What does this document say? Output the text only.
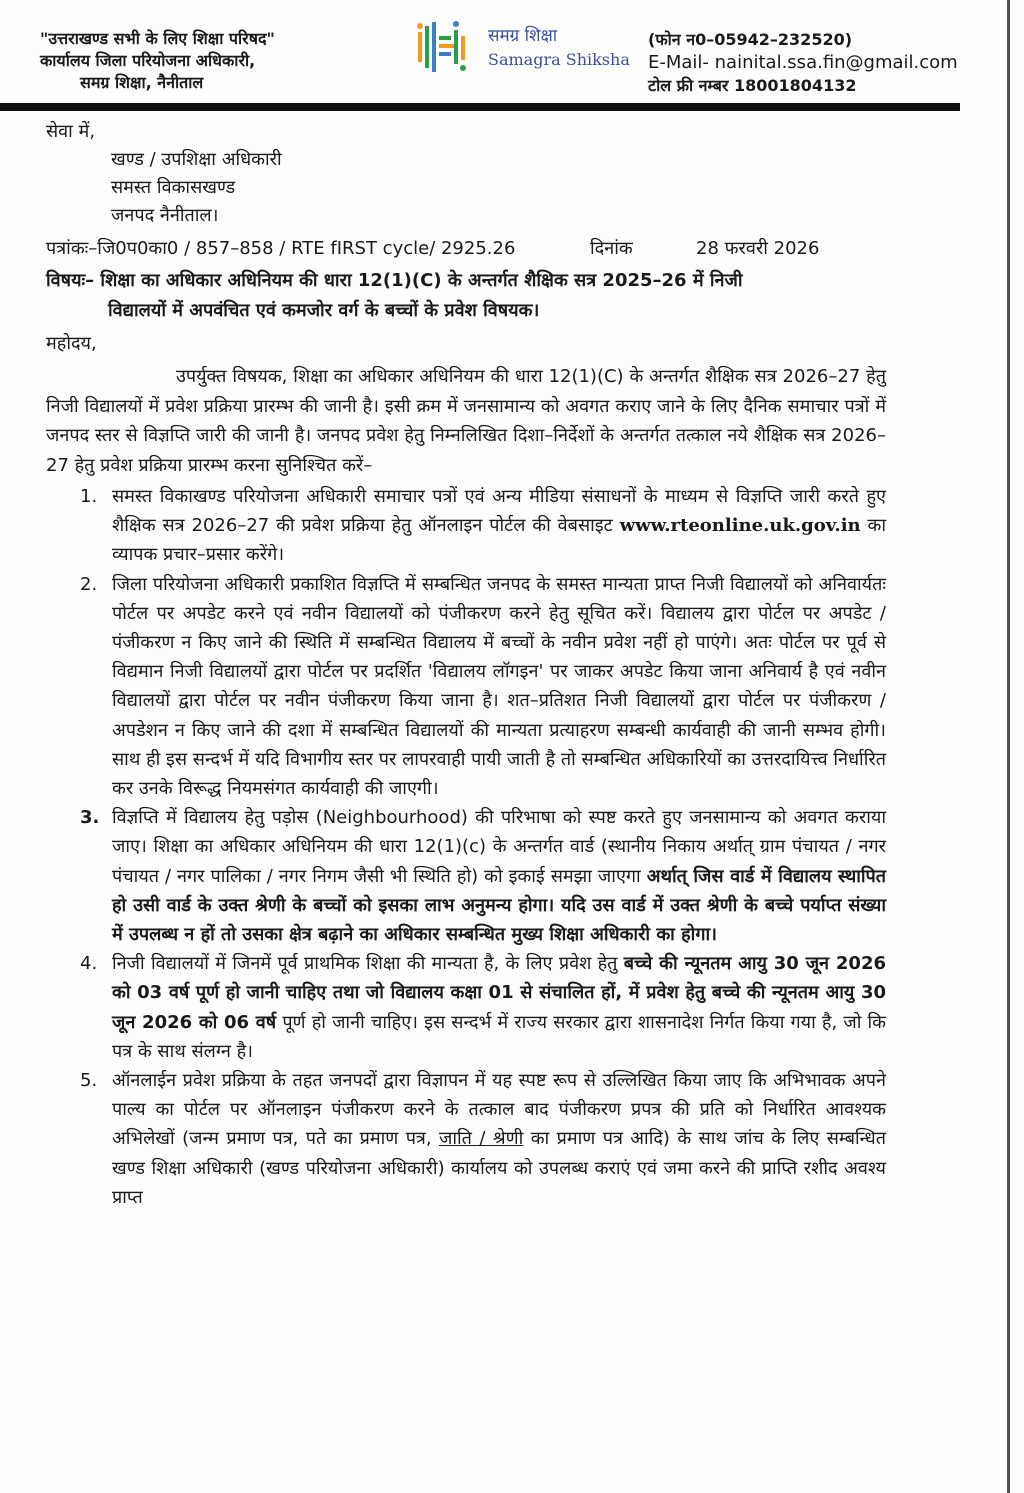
"उत्तराखण्ड सभी के लिए शिक्षा परिषद"
कार्यालय जिला परियोजना अधिकारी,
समग्र शिक्षा, नैनीताल
समग्र शिक्षा
Samagra Shiksha
(फोन न0–05942–232520)
E-Mail- nainital.ssa.fin@gmail.com
टोल फ्री नम्बर 18001804132
सेवा में,
खण्ड / उपशिक्षा अधिकारी
समस्त विकासखण्ड
जनपद नैनीताल।
पत्रांकः–जि0प0का0 / 857–858 / RTE fIRST cycle/ 2925.26	दिनांक	28 फरवरी 2026
विषयः– शिक्षा का अधिकार अधिनियम की धारा 12(1)(C) के अन्तर्गत शैक्षिक सत्र 2025–26 में निजी
विद्यालयों में अपवंचित एवं कमजोर वर्ग के बच्चों के प्रवेश विषयक।
महोदय,

उपर्युक्त विषयक, शिक्षा का अधिकार अधिनियम की धारा 12(1)(C) के अन्तर्गत शैक्षिक सत्र 2026–27 हेतु निजी विद्यालयों में प्रवेश प्रक्रिया प्रारम्भ की जानी है। इसी क्रम में जनसामान्य को अवगत कराए जाने के लिए दैनिक समाचार पत्रों में जनपद स्तर से विज्ञप्ति जारी की जानी है। जनपद प्रवेश हेतु निम्नलिखित दिशा–निर्देशों के अन्तर्गत तत्काल नये शैक्षिक सत्र 2026–27 हेतु प्रवेश प्रक्रिया प्रारम्भ करना सुनिश्चित करें–

1. समस्त विकाखण्ड परियोजना अधिकारी समाचार पत्रों एवं अन्य मीडिया संसाधनों के माध्यम से विज्ञप्ति जारी करते हुए शैक्षिक सत्र 2026–27 की प्रवेश प्रक्रिया हेतु ऑनलाइन पोर्टल की वेबसाइट www.rteonline.uk.gov.in का व्यापक प्रचार–प्रसार करेंगे।
2. जिला परियोजना अधिकारी प्रकाशित विज्ञप्ति में सम्बन्धित जनपद के समस्त मान्यता प्राप्त निजी विद्यालयों को अनिवार्यतः पोर्टल पर अपडेट करने एवं नवीन विद्यालयों को पंजीकरण करने हेतु सूचित करें। विद्यालय द्वारा पोर्टल पर अपडेट / पंजीकरण न किए जाने की स्थिति में सम्बन्धित विद्यालय में बच्चों के नवीन प्रवेश नहीं हो पाएंगे। अतः पोर्टल पर पूर्व से विद्यमान निजी विद्यालयों द्वारा पोर्टल पर प्रदर्शित 'विद्यालय लॉगइन' पर जाकर अपडेट किया जाना अनिवार्य है एवं नवीन विद्यालयों द्वारा पोर्टल पर नवीन पंजीकरण किया जाना है। शत–प्रतिशत निजी विद्यालयों द्वारा पोर्टल पर पंजीकरण / अपडेशन न किए जाने की दशा में सम्बन्धित विद्यालयों की मान्यता प्रत्याहरण सम्बन्धी कार्यवाही की जानी सम्भव होगी। साथ ही इस सन्दर्भ में यदि विभागीय स्तर पर लापरवाही पायी जाती है तो सम्बन्धित अधिकारियों का उत्तरदायित्त्व निर्धारित कर उनके विरूद्ध नियमसंगत कार्यवाही की जाएगी।
3. विज्ञप्ति में विद्यालय हेतु पड़ोस (Neighbourhood) की परिभाषा को स्पष्ट करते हुए जनसामान्य को अवगत कराया जाए। शिक्षा का अधिकार अधिनियम की धारा 12(1)(c) के अन्तर्गत वार्ड (स्थानीय निकाय अर्थात् ग्राम पंचायत / नगर पंचायत / नगर पालिका / नगर निगम जैसी भी स्थिति हो) को इकाई समझा जाएगा अर्थात् जिस वार्ड में विद्यालय स्थापित हो उसी वार्ड के उक्त श्रेणी के बच्चों को इसका लाभ अनुमन्य होगा। यदि उस वार्ड में उक्त श्रेणी के बच्चे पर्याप्त संख्या में उपलब्ध न हों तो उसका क्षेत्र बढ़ाने का अधिकार सम्बन्धित मुख्य शिक्षा अधिकारी का होगा।
4. निजी विद्यालयों में जिनमें पूर्व प्राथमिक शिक्षा की मान्यता है, के लिए प्रवेश हेतु बच्चे की न्यूनतम आयु 30 जून 2026 को 03 वर्ष पूर्ण हो जानी चाहिए तथा जो विद्यालय कक्षा 01 से संचालित हों, में प्रवेश हेतु बच्चे की न्यूनतम आयु 30 जून 2026 को 06 वर्ष पूर्ण हो जानी चाहिए। इस सन्दर्भ में राज्य सरकार द्वारा शासनादेश निर्गत किया गया है, जो कि पत्र के साथ संलग्न है।
5. ऑनलाईन प्रवेश प्रक्रिया के तहत जनपदों द्वारा विज्ञापन में यह स्पष्ट रूप से उल्लिखित किया जाए कि अभिभावक अपने पाल्य का पोर्टल पर ऑनलाइन पंजीकरण करने के तत्काल बाद पंजीकरण प्रपत्र की प्रति को निर्धारित आवश्यक अभिलेखों (जन्म प्रमाण पत्र, पते का प्रमाण पत्र, जाति / श्रेणी का प्रमाण पत्र आदि) के साथ जांच के लिए सम्बन्धित खण्ड शिक्षा अधिकारी (खण्ड परियोजना अधिकारी) कार्यालय को उपलब्ध कराएं एवं जमा करने की प्राप्ति रशीद अवश्य प्राप्त
